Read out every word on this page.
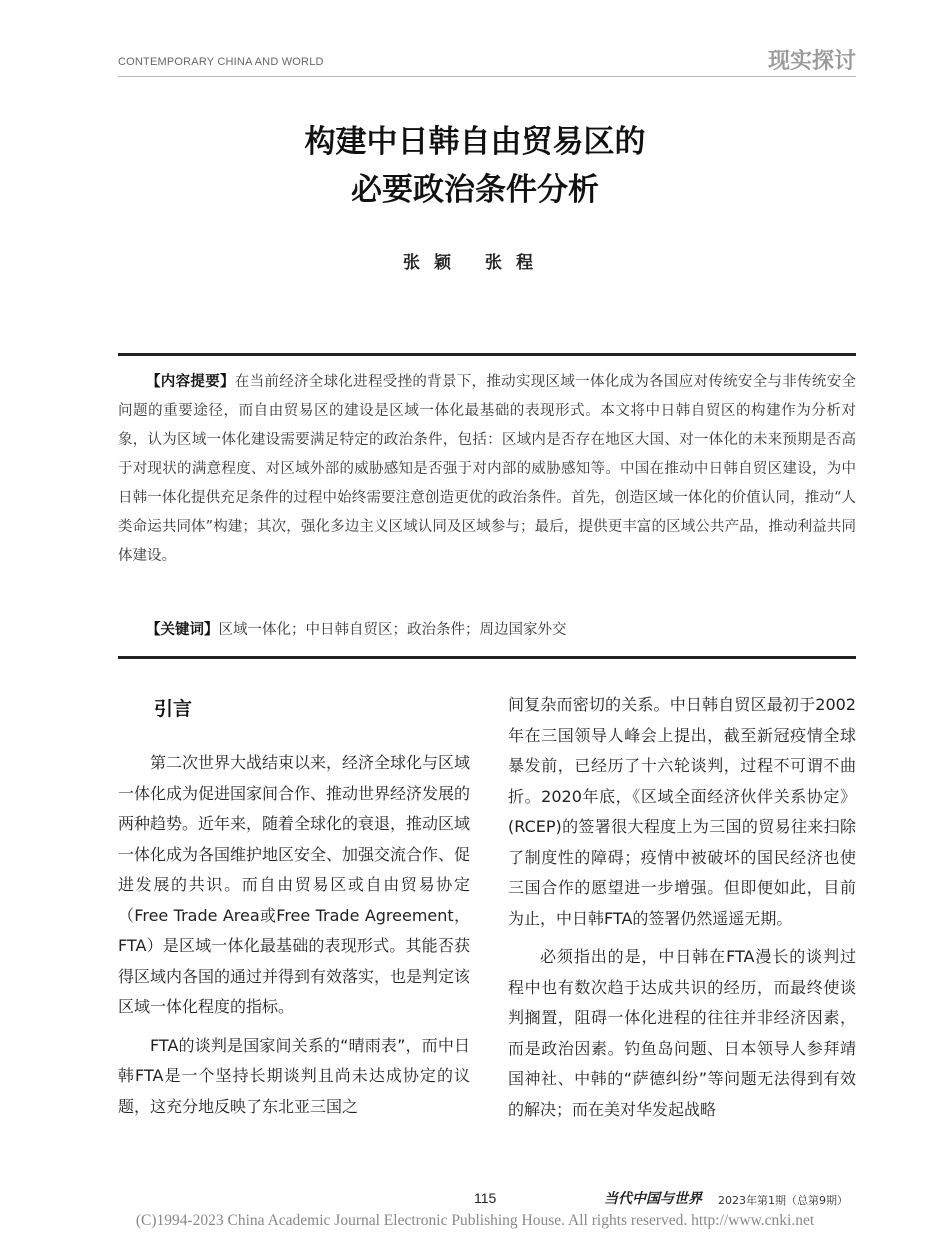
CONTEMPORARY CHINA AND WORLD	现实探讨
构建中日韩自由贸易区的
必要政治条件分析
张颖 张程
【内容提要】在当前经济全球化进程受挫的背景下，推动实现区域一体化成为各国应对传统安全与非传统安全问题的重要途径，而自由贸易区的建设是区域一体化最基础的表现形式。本文将中日韩自贸区的构建作为分析对象，认为区域一体化建设需要满足特定的政治条件，包括：区域内是否存在地区大国、对一体化的未来预期是否高于对现状的满意程度、对区域外部的威胁感知是否强于对内部的威胁感知等。中国在推动中日韩自贸区建设，为中日韩一体化提供充足条件的过程中始终需要注意创造更优的政治条件。首先，创造区域一体化的价值认同，推动“人类命运共同体”构建；其次，强化多边主义区域认同及区域参与；最后，提供更丰富的区域公共产品，推动利益共同体建设。
【关键词】区域一体化；中日韩自贸区；政治条件；周边国家外交
引言

第二次世界大战结束以来，经济全球化与区域一体化成为促进国家间合作、推动世界经济发展的两种趋势。近年来，随着全球化的衰退，推动区域一体化成为各国维护地区安全、加强交流合作、促进发展的共识。而自由贸易区或自由贸易协定（Free Trade Area或Free Trade Agreement，FTA）是区域一体化最基础的表现形式。其能否获得区域内各国的通过并得到有效落实，也是判定该区域一体化程度的指标。

FTA的谈判是国家间关系的“晴雨表”，而中日韩FTA是一个坚持长期谈判且尚未达成协定的议题，这充分地反映了东北亚三国之

间复杂而密切的关系。中日韩自贸区最初于2002年在三国领导人峰会上提出，截至新冠疫情全球暴发前，已经历了十六轮谈判，过程不可谓不曲折。2020年底，《区域全面经济伙伴关系协定》(RCEP)的签署很大程度上为三国的贸易往来扫除了制度性的障碍；疫情中被破坏的国民经济也使三国合作的愿望进一步增强。但即便如此，目前为止，中日韩FTA的签署仍然遥遥无期。

必须指出的是，中日韩在FTA漫长的谈判过程中也有数次趋于达成共识的经历，而最终使谈判搁置，阻碍一体化进程的往往并非经济因素，而是政治因素。钓鱼岛问题、日本领导人参拜靖国神社、中韩的“萨德纠纷”等问题无法得到有效的解决；而在美对华发起战略

115	当代中国与世界 2023年第1期（总第9期）
(C)1994-2023 China Academic Journal Electronic Publishing House. All rights reserved. http://www.cnki.net
